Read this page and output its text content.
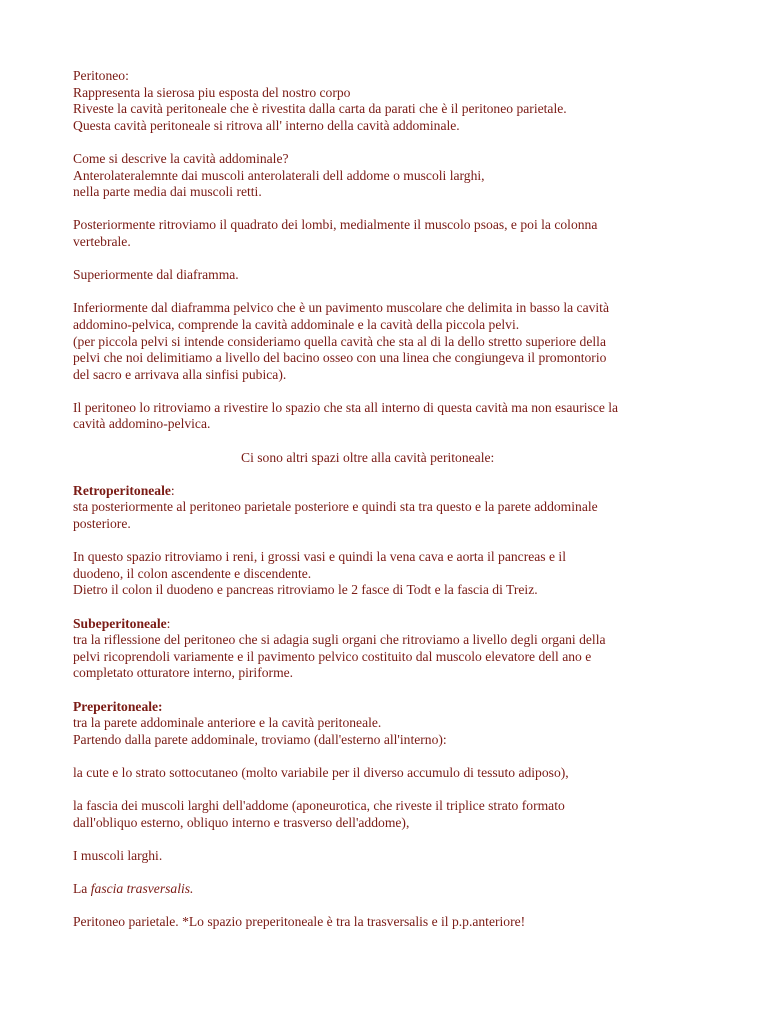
Peritoneo:
Rappresenta la sierosa piu esposta del nostro corpo
Riveste la cavità peritoneale che è rivestita dalla carta da parati che è il peritoneo parietale.
Questa cavità peritoneale si ritrova all' interno della cavità addominale.

Come si descrive la cavità addominale?
Anterolateralemnte dai muscoli anterolaterali dell addome o muscoli larghi,
nella parte media dai muscoli retti.

Posteriormente ritroviamo il quadrato dei lombi, medialmente il muscolo psoas, e poi la colonna
vertebrale.

Superiormente dal diaframma.

Inferiormente dal diaframma pelvico che è un pavimento muscolare che delimita in basso la cavità
addomino-pelvica, comprende la cavità addominale e la cavità della piccola pelvi.
(per piccola pelvi si intende consideriamo quella cavità che sta al di la dello stretto superiore della
pelvi che noi delimitiamo a livello del bacino osseo con una linea che congiungeva il promontorio
del sacro e arrivava alla sinfisi pubica).

Il peritoneo lo ritroviamo a rivestire lo spazio che sta all interno di questa cavità ma non esaurisce la
cavità addomino-pelvica.

Ci sono altri spazi oltre alla cavità peritoneale:

Retroperitoneale:
sta posteriormente al peritoneo parietale posteriore e quindi sta tra questo e la parete addominale
posteriore.

In questo spazio ritroviamo i reni, i grossi vasi e quindi la vena cava e aorta il pancreas e il
duodeno, il colon ascendente e discendente.
Dietro il colon il duodeno e pancreas ritroviamo le 2 fasce di Todt e la fascia di Treiz.

Subeperitoneale:
tra la riflessione del peritoneo che si adagia sugli organi che ritroviamo a livello degli organi della
pelvi ricoprendoli variamente e il pavimento pelvico costituito dal muscolo elevatore dell ano e
completato otturatore interno, piriforme.

Preperitoneale:
tra la parete addominale anteriore e la cavità peritoneale.
Partendo dalla parete addominale, troviamo (dall'esterno all'interno):

la cute e lo strato sottocutaneo (molto variabile per il diverso accumulo di tessuto adiposo),

la fascia dei muscoli larghi dell'addome (aponeurotica, che riveste il triplice strato formato
dall'obliquo esterno, obliquo interno e trasverso dell'addome),

I muscoli larghi.

La fascia trasversalis.

Peritoneo parietale. *Lo spazio preperitoneale è tra la trasversalis e il p.p.anteriore!
